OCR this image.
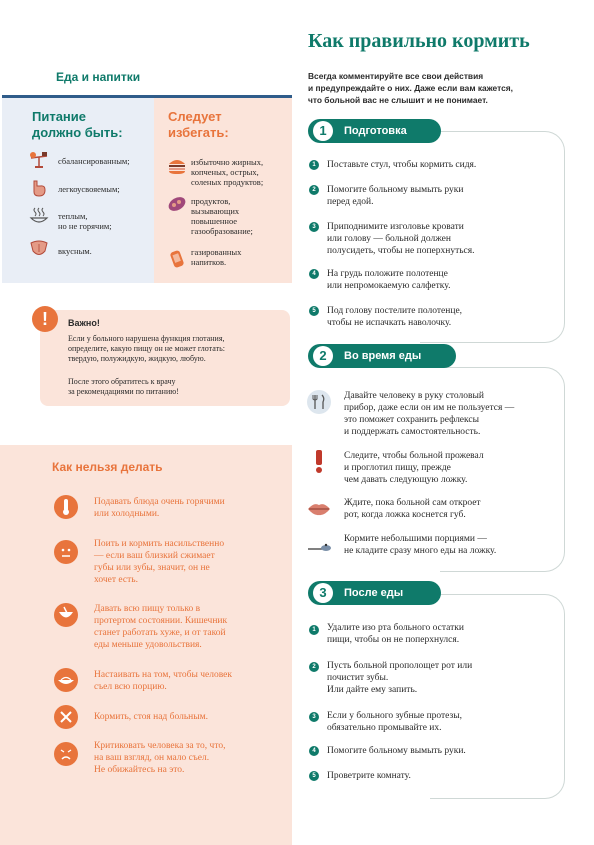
Еда и напитки
Питание
должно быть:
Следует
избегать:
сбалансированным;
легкоусвояемым;
теплым,
но не горячим;
вкусным.
избыточно жирных,
копченых, острых,
соленых продуктов;
продуктов,
вызывающих
повышенное
газообразование;
газированных
напитков.
!	Важно!
Если у больного нарушена функция глотания,
определите, какую пищу он не может глотать:
твердую, полужидкую, жидкую, любую.
После этого обратитесь к врачу
за рекомендациями по питанию!
Как нельзя делать
Подавать блюда очень горячими
или холодными.
Поить и кормить насильственно
— если ваш близкий сжимает
губы или зубы, значит, он не
хочет есть.
Давать всю пищу только в
протертом состоянии. Кишечник
станет работать хуже, и от такой
еды меньше удовольствия.
Настаивать на том, чтобы человек
съел всю порцию.
Кормить, стоя над больным.
Критиковать человека за то, что,
на ваш взгляд, он мало съел.
Не обижайтесь на это.
Как правильно кормить
Всегда комментируйте все свои действия
и предупреждайте о них. Даже если вам кажется,
что больной вас не слышит и не понимает.
1	Подготовка
1	Поставьте стул, чтобы кормить сидя.
2	Помогите больному вымыть руки
перед едой.
3	Приподнимите изголовье кровати
или голову — больной должен
полусидеть, чтобы не поперхнуться.
4	На грудь положите полотенце
или непромокаемую салфетку.
5	Под голову постелите полотенце,
чтобы не испачкать наволочку.
2	Во время еды
Давайте человеку в руку столовый
прибор, даже если он им не пользуется —
это поможет сохранить рефлексы
и поддержать самостоятельность.
Следите, чтобы больной прожевал
и проглотил пищу, прежде
чем давать следующую ложку.
Ждите, пока больной сам откроет
рот, когда ложка коснется губ.
Кормите небольшими порциями —
не кладите сразу много еды на ложку.
3	После еды
1	Удалите изо рта больного остатки
пищи, чтобы он не поперхнулся.
2	Пусть больной прополощет рот или
почистит зубы.
Или дайте ему запить.
3	Если у больного зубные протезы,
обязательно промывайте их.
4	Помогите больному вымыть руки.
5	Проветрите комнату.
